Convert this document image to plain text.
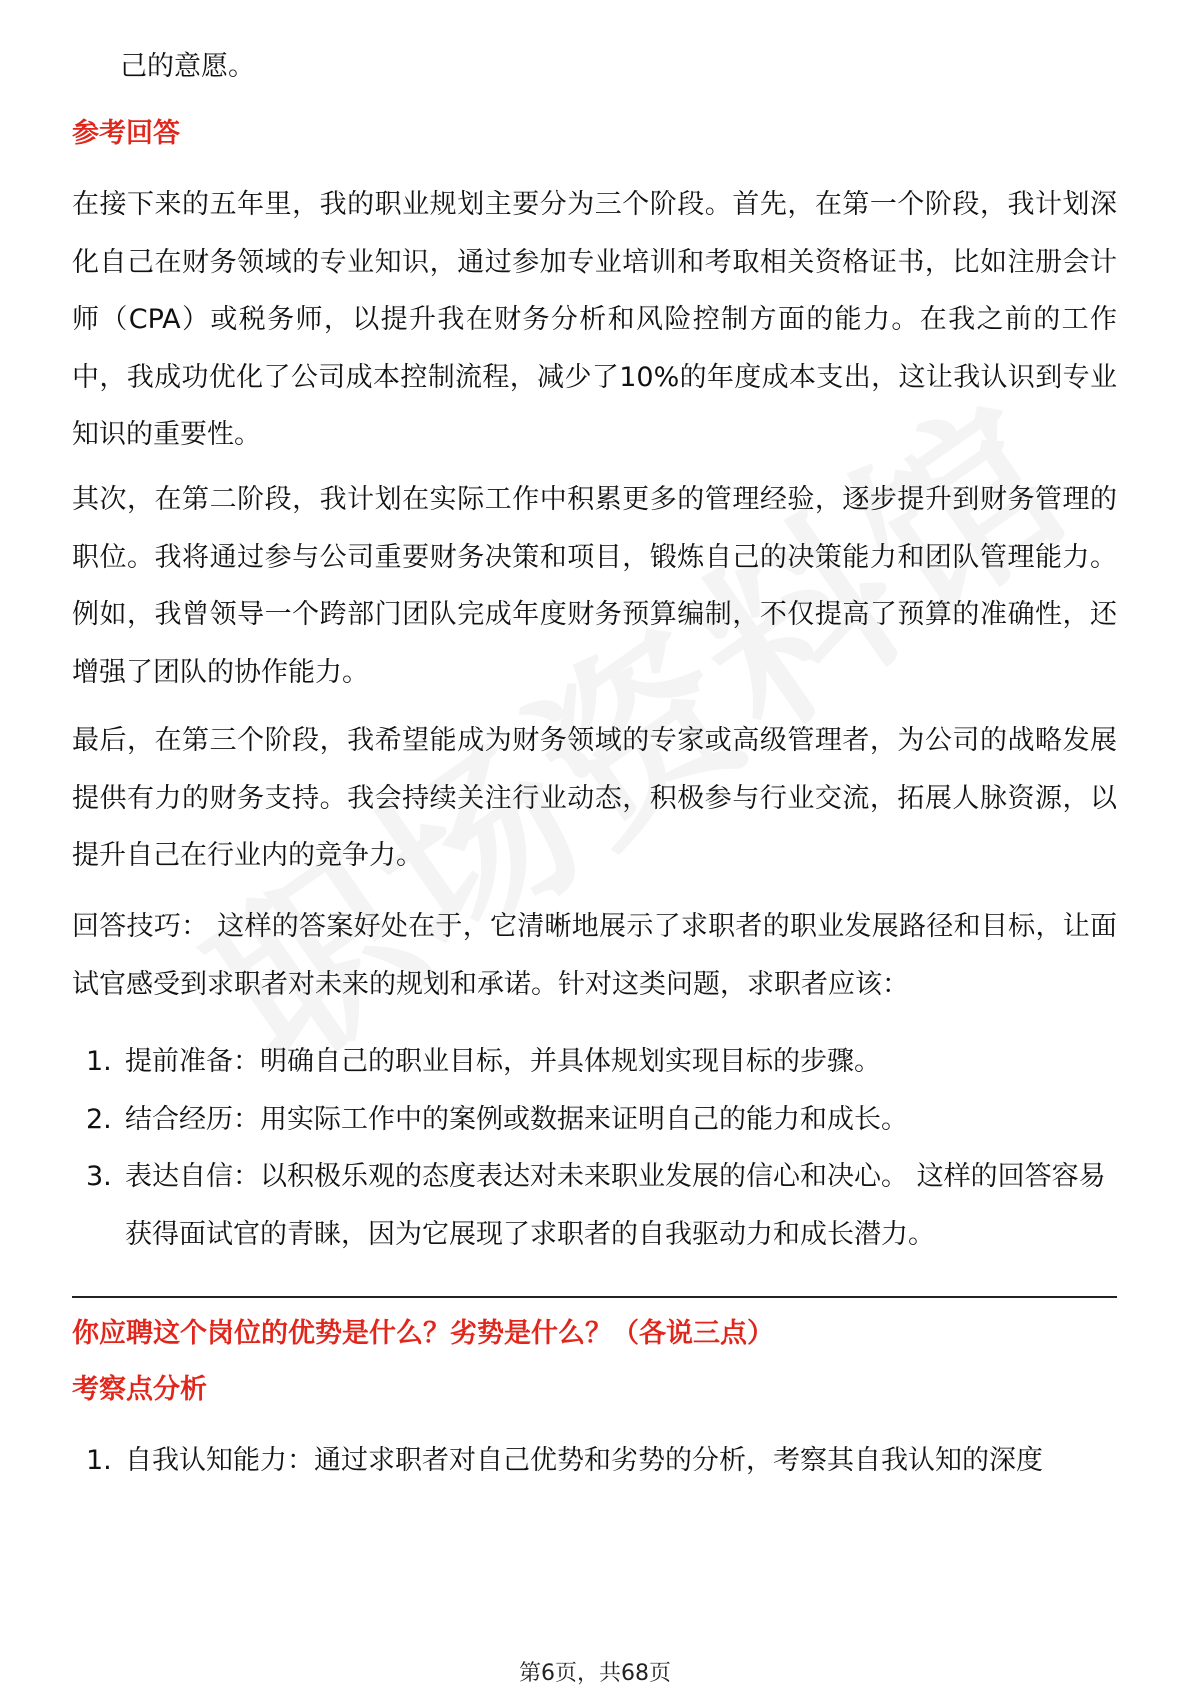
己的意愿。

参考回答

在接下来的五年里，我的职业规划主要分为三个阶段。首先，在第一个阶段，我计划深化自己在财务领域的专业知识，通过参加专业培训和考取相关资格证书，比如注册会计师（CPA）或税务师，以提升我在财务分析和风险控制方面的能力。在我之前的工作中，我成功优化了公司成本控制流程，减少了10%的年度成本支出，这让我认识到专业知识的重要性。

其次，在第二阶段，我计划在实际工作中积累更多的管理经验，逐步提升到财务管理的职位。我将通过参与公司重要财务决策和项目，锻炼自己的决策能力和团队管理能力。例如，我曾领导一个跨部门团队完成年度财务预算编制，不仅提高了预算的准确性，还增强了团队的协作能力。

最后，在第三个阶段，我希望能成为财务领域的专家或高级管理者，为公司的战略发展提供有力的财务支持。我会持续关注行业动态，积极参与行业交流，拓展人脉资源，以提升自己在行业内的竞争力。

回答技巧： 这样的答案好处在于，它清晰地展示了求职者的职业发展路径和目标，让面试官感受到求职者对未来的规划和承诺。针对这类问题，求职者应该：

1. 提前准备：明确自己的职业目标，并具体规划实现目标的步骤。
2. 结合经历：用实际工作中的案例或数据来证明自己的能力和成长。
3. 表达自信：以积极乐观的态度表达对未来职业发展的信心和决心。 这样的回答容易获得面试官的青睐，因为它展现了求职者的自我驱动力和成长潜力。

你应聘这个岗位的优势是什么？劣势是什么？（各说三点）

考察点分析

1. 自我认知能力：通过求职者对自己优势和劣势的分析，考察其自我认知的深度
第6页，共68页
